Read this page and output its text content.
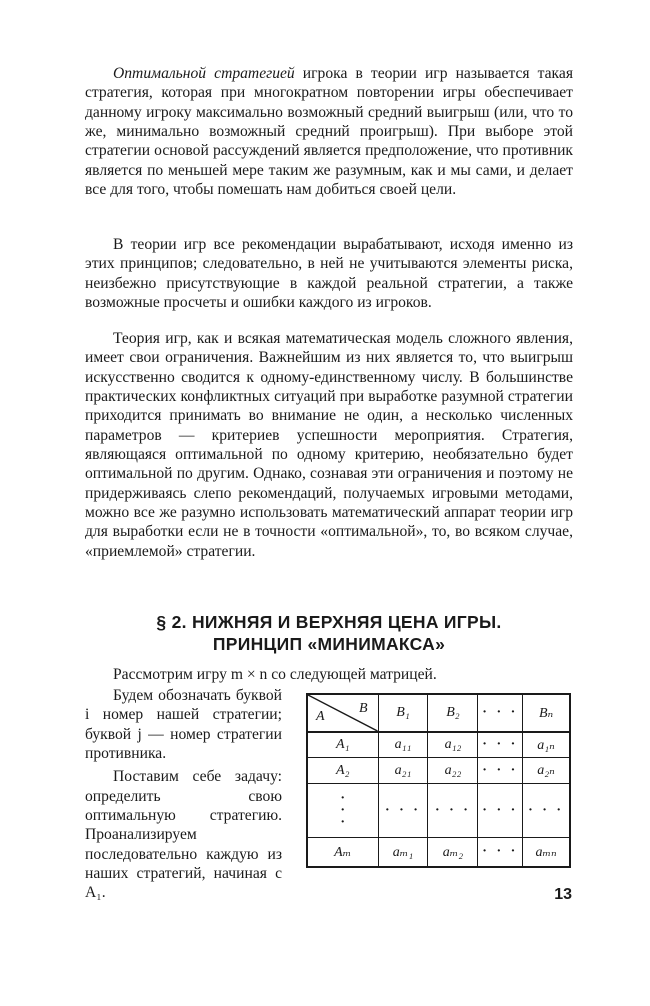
Оптимальной стратегией игрока в теории игр называется такая стратегия, которая при многократном повторении игры обеспечивает данному игроку максимально возможный средний выигрыш (или, что то же, минимально возможный средний проигрыш). При выборе этой стратегии основой рассуждений является предположение, что противник является по меньшей мере таким же разумным, как и мы сами, и делает все для того, чтобы помешать нам добиться своей цели.

В теории игр все рекомендации вырабатывают, исходя именно из этих принципов; следовательно, в ней не учитываются элементы риска, неизбежно присутствующие в каждой реальной стратегии, а также возможные просчеты и ошибки каждого из игроков.

Теория игр, как и всякая математическая модель сложного явления, имеет свои ограничения. Важнейшим из них является то, что выигрыш искусственно сводится к одному-единственному числу. В большинстве практических конфликтных ситуаций при выработке разумной стратегии приходится принимать во внимание не один, а несколько численных параметров — критериев успешности мероприятия. Стратегия, являющаяся оптимальной по одному критерию, необязательно будет оптимальной по другим. Однако, сознавая эти ограничения и поэтому не придерживаясь слепо рекомендаций, получаемых игровыми методами, можно все же разумно использовать математический аппарат теории игр для выработки если не в точности «оптимальной», то, во всяком случае, «приемлемой» стратегии.

§ 2. НИЖНЯЯ И ВЕРХНЯЯ ЦЕНА ИГРЫ.
ПРИНЦИП «МИНИМАКСА»
Рассмотрим игру m × n со следующей матрицей.

Будем обозначать буквой i номер нашей стратегии; буквой j — номер стратегии противника.

Поставим себе задачу: определить свою оптимальную стратегию. Проанализируем последовательно каждую из наших стратегий, начиная с A₁.

B
A	B₁	B₂	· · ·	Bₙ
A₁	a₁₁	a₁₂	· · ·	a₁ₙ
A₂	a₂₁	a₂₂	· · ·	a₂ₙ
·
·
·	· · ·	· · ·	· · ·	· · ·
Aₘ	aₘ₁	aₘ₂	· · ·	aₘₙ
13
